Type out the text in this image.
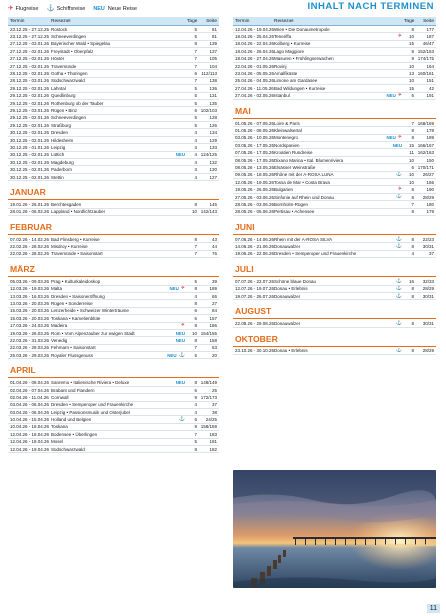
✈ Flugreise ⚓ Schiffsreise NEU Neue Reise	INHALT NACH TERMINEN
Termin	Reiseziel	Tage	Seite
23.12.25 - 27.12.25 Rostock	5	81
23.12.25 - 27.12.25 Schneeverdingen	5	81
27.12.25 - 03.01.26 Bayerischer Wald • Spiegelau	8	139
27.12.25 - 02.01.26 Freystadt • Oberpfalz	7	137
27.12.25 - 02.01.26 Höxter	7	105
27.12.25 - 02.01.26 Travemünde	7	104
28.12.25 - 02.01.26 Gotha • Thüringen	6 112/113
28.12.25 - 03.01.26 Südschwarzwald	7	138
29.12.25 - 02.01.26 Lahntal	5	136
29.12.25 - 02.01.26 Quedlinburg	5	131
29.12.25 - 02.01.26 Rothenburg ob der Tauber	5	135
29.12.25 - 03.01.26 Rügen • Binz	6 102/103
29.12.25 - 02.01.26 Schneeverdingen	5	128
29.12.25 - 02.01.26 Straßburg	5	126
30.12.25 - 02.01.26 Dresden	4	134
30.12.25 - 02.01.26 Hildesheim	4	129
30.12.25 - 01.01.26 Leipzig	3	133
30.12.25 - 02.01.26 Lüttich	NEU	4 124/125
30.12.25 - 02.01.26 Magdeburg	4	132
30.12.25 - 02.01.26 Paderborn	3	130
30.12.25 - 02.01.26 Stettin	4	127
JANUAR
19.01.26 - 26.01.26 Berchtesgaden	8	145
28.01.26 - 06.02.26 Lappland • Nordlichtzauber	10 142/143
FEBRUAR
07.02.26 - 14.02.26 Bad Flinsberg • Kurreise	8	43
22.02.26 - 28.02.26 Misdroy • Kurreise	7	44
22.02.26 - 28.02.26 Travemünde • Saisonstart	7	76
MÄRZ
05.03.26 - 09.03.26 Prag • Kulturkaleidoskop	5	39
12.03.26 - 19.03.26 Malta	NEU ✈	8	189
13.03.26 - 16.03.26 Dresden • Saisoneröffnung	4	65
13.03.26 - 20.03.26 Rügen • Sonderreise	8	27
15.03.26 - 20.03.26 Lenzerheide • Schweizer Winterträume	6	84
15.03.26 - 20.03.26 Toskana • Kamelienblüte	6	157
17.03.26 - 24.03.26 Madeira	✈	8	186
19.03.26 - 26.03.26 Rom • Vom Alpenzauber zur ewigen Stadt	NEU	10 154/155
22.03.26 - 31.03.26 Venedig	NEU	8	158
22.03.26 - 28.03.26 Fehmarn • Saisonstart	7	63
25.03.26 - 29.03.26 Royaler Flussgenuss	NEU ⚓	5	20
APRIL
01.04.26 - 08.04.26 Sanremo • Italienische Riviera • Deluxe	NEU	8 148/149
02.04.26 - 07.04.26 Brabant und Flandern	6	25
02.04.26 - 11.04.26 Cornwall	9 172/173
03.04.26 - 06.04.26 Dresden • Semperoper und Frauenkirche	4	37
03.04.26 - 06.04.26 Leipzig • Passionsmusik und Osterjubel	4	38
10.04.26 - 15.04.26 Holland und Belgien	⚓	6	24/25
10.04.26 - 18.04.26 Toskana	9 158/159
12.04.26 - 18.04.26 Bodensee • Überlingen	7	183
12.04.26 - 18.04.26 Mosel	5	181
12.04.26 - 19.04.26 Südschwarzwald	8	182
Termin	Reiseziel	Tage	Seite
12.04.26 - 19.04.26 Wien • Die Donaumetropole	8	177
18.04.26 - 25.04.26 Teneriffa	✈	10	187
18.04.26 - 22.04.26 Kolberg • Kurreise	15	46/47
18.04.26 - 26.04.26 Lago Maggiore	9 152/153
18.04.26 - 27.04.26 Masuren • Frühlingserwachen	9 174/175
22.04.26 - 01.05.26 Rovinj	10	164
23.04.26 - 05.05.26 Amalfiküste	13 160/161
25.04.26 - 04.05.26 Limone am Gardasee	10	151
27.04.26 - 11.05.26 Bad Wildungen • Kurreise	15	42
27.04.26 - 02.05.26 Istanbul	NEU ✈	6	191
MAI
01.05.26 - 07.05.26 Loire & Paris	7 168/169
01.05.26 - 08.05.26 Kleinwalsertal	8	178
03.05.26 - 10.05.26 Montenegro	NEU ✈	8	189
03.05.26 - 17.05.26 Nordspanien	NEU	15 166/167
07.05.26 - 17.05.26 Kroatien Rundreise	11 162/163
08.05.26 - 17.05.26 Dixano Marina • Ital. Blumenriviera	10	150
08.05.26 - 13.05.26 Elsässer Weinstraße	6 170/171
09.05.26 - 18.05.26 Rhône mit der A-ROSA LUNA	⚓	10	26/27
12.05.26 - 19.05.26 Tossa de Mar • Costa Brava	10	165
19.05.26 - 26.05.26 Bulgarien	✈	8	190
27.05.26 - 03.06.26 Sinfonie auf Rhein und Donau	⚓	8	28/29
28.05.26 - 03.06.26 Bornholm-Rügen	7	180
28.05.26 - 05.06.26 Pertisau • Achensee	8	179
JUNI
07.06.26 - 14.06.26 Rhein mit der A-ROSA SILVA	⚓	8	22/23
14.06.26 - 21.06.26 Donauwalzer	⚓	8	30/31
19.06.26 - 22.06.26 Dresden • Semperoper und Frauenkirche	4	37
JULI
07.07.26 - 22.07.26 Schöne blaue Donau	⚓	16	32/33
12.07.26 - 19.07.26 Donau • Erlebnis	⚓	8	28/29
19.07.26 - 26.07.26 Donauwalzer	⚓	8	30/31
AUGUST
22.08.26 - 29.08.26 Donauwalzer	⚓	8	30/31
OKTOBER
23.10.26 - 30.10.26 Donau • Erlebnis	⚓	8	28/29
11
